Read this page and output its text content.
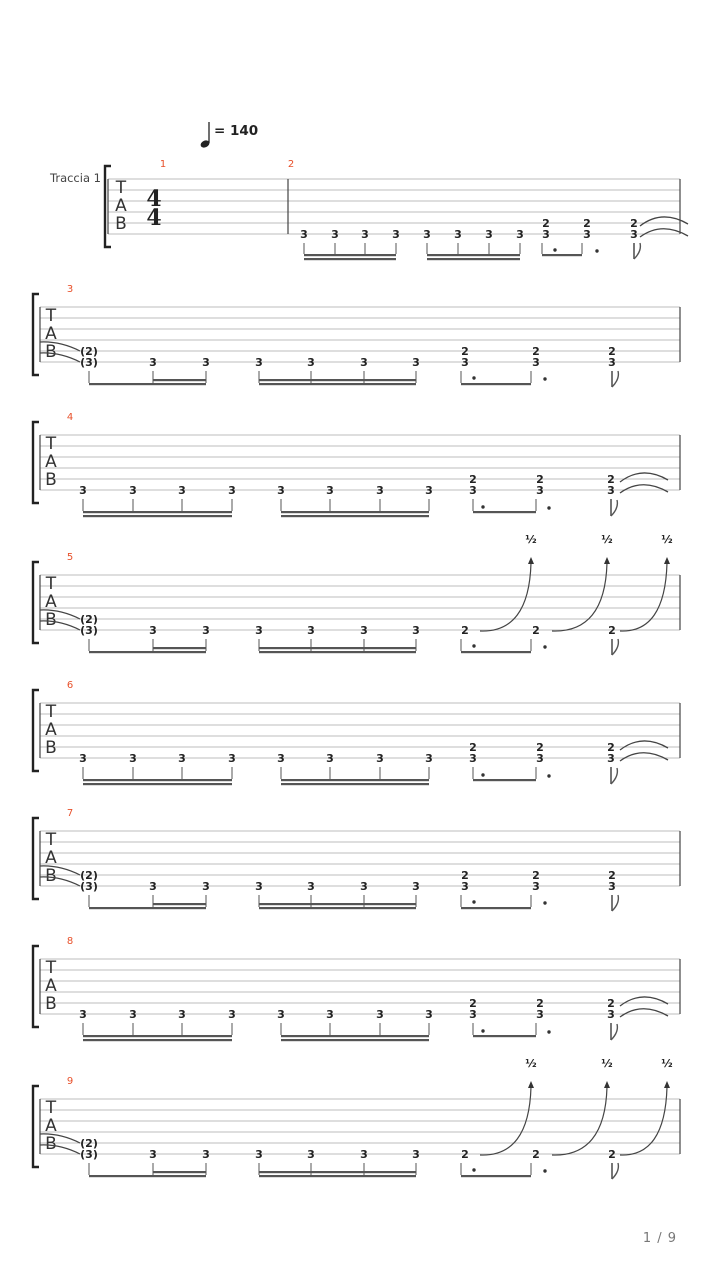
= 140
Traccia 1 T
A
B
4
4
1	2
3 3 3 3 3 3 3 3
2
3
2
3
2
3
T
A
B
3
(2)
(3)	3	3	3	3	3	3
2
3
2
3
2
3
T
A
B
4
3	3	3	3	3	3	3	3
2
3
2
3
2
3
T
A
B
5
(2)
(3)	3	3	3	3	3	3	2	2	2
½	½	½
T
A
B
6
3	3	3	3	3	3	3	3
2
3
2
3
2
3
T
A
B
7
(2)
(3)	3	3	3	3	3	3
2
3
2
3
2
3
T
A
B
8
3	3	3	3	3	3	3	3
2
3
2
3
2
3
T
A
B
9
(2)
(3)	3	3	3	3	3	3	2	2	2
½	½	½
1 / 9
